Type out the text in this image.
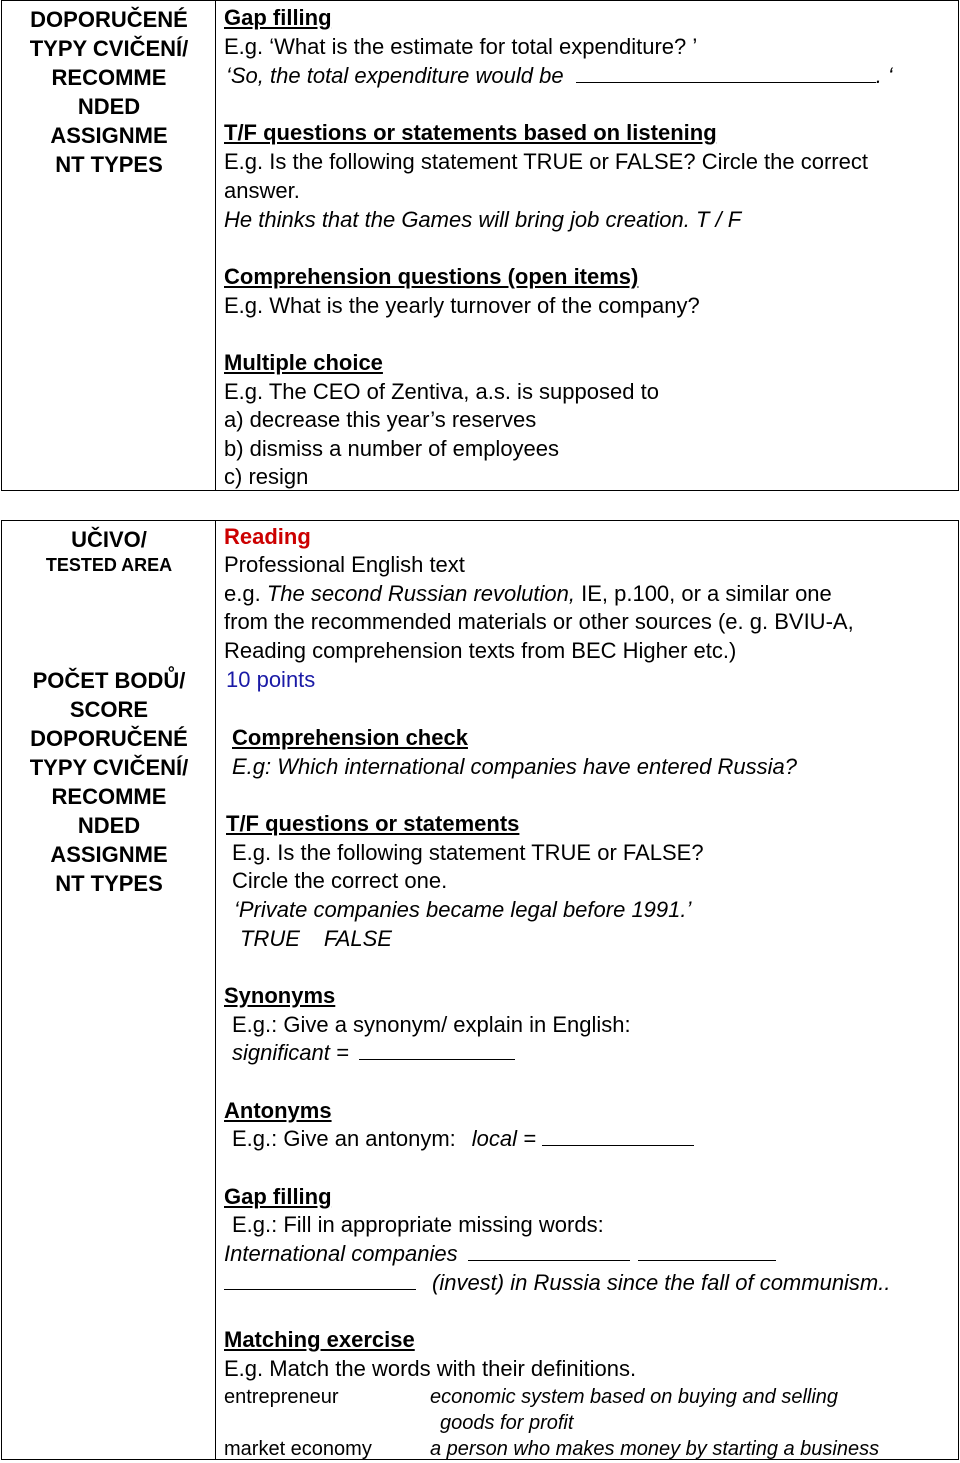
DOPORUČENÉ
TYPY CVIČENÍ/
RECOMME
NDED
ASSIGNME
NT TYPES
Gap filling
E.g. ‘What is the estimate for total expenditure? ’
‘So, the total expenditure would be	. ‘
T/F questions or statements based on listening
E.g. Is the following statement TRUE or FALSE? Circle the correct
answer.
He thinks that the Games will bring job creation. T / F
Comprehension questions (open items)
E.g. What is the yearly turnover of the company?
Multiple choice
E.g. The CEO of Zentiva, a.s. is supposed to
a) decrease this year’s reserves
b) dismiss a number of employees
c) resign
UČIVO/
TESTED AREA
POČET BODŮ/
SCORE
DOPORUČENÉ
TYPY CVIČENÍ/
RECOMME
NDED
ASSIGNME
NT TYPES
Reading
Professional English text
e.g. The second Russian revolution, IE, p.100, or a similar one
from the recommended materials or other sources (e. g. BVIU-A,
Reading comprehension texts from BEC Higher etc.)
10 points
Comprehension check
E.g: Which international companies have entered Russia?
T/F questions or statements
E.g. Is the following statement TRUE or FALSE?
Circle the correct one.
‘Private companies became legal before 1991.’
TRUE FALSE
Synonyms
E.g.: Give a synonym/ explain in English:
significant =
Antonyms
E.g.: Give an antonym: local =
Gap filling
E.g.: Fill in appropriate missing words:
International companies
(invest) in Russia since the fall of communism..
Matching exercise
E.g. Match the words with their definitions.
entrepreneur	economic system based on buying and selling
goods for profit
market economy	a person who makes money by starting a business
